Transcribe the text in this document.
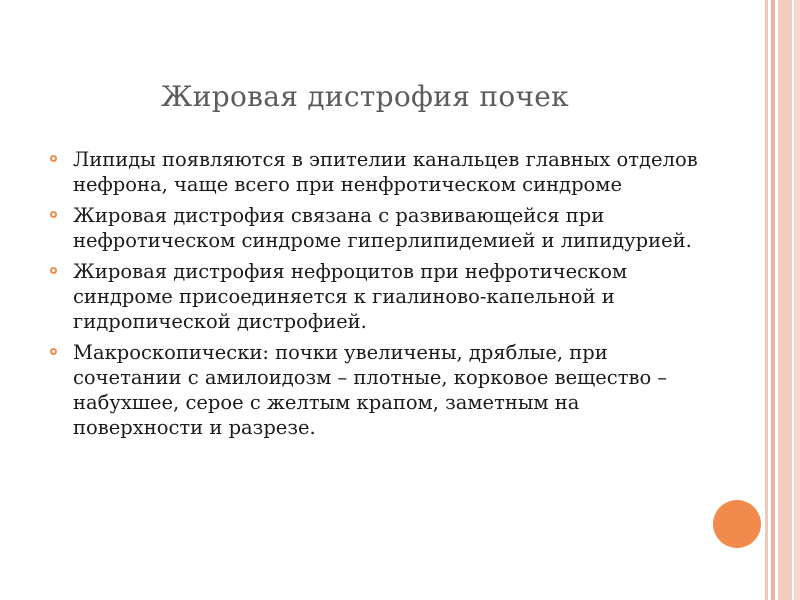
Жировая дистрофия почек
Липиды появляются в эпителии канальцев главных отделов нефрона, чаще всего при ненфротическом синдроме
Жировая дистрофия связана с развивающейся при нефротическом синдроме гиперлипидемией и липидурией.
Жировая дистрофия нефроцитов при нефротическом синдроме присоединяется к гиалиново-капельной и гидропической дистрофией.
Макроскопически: почки увеличены, дряблые, при сочетании с амилоидозм – плотные, корковое вещество – набухшее, серое с желтым крапом, заметным на поверхности и разрезе.
